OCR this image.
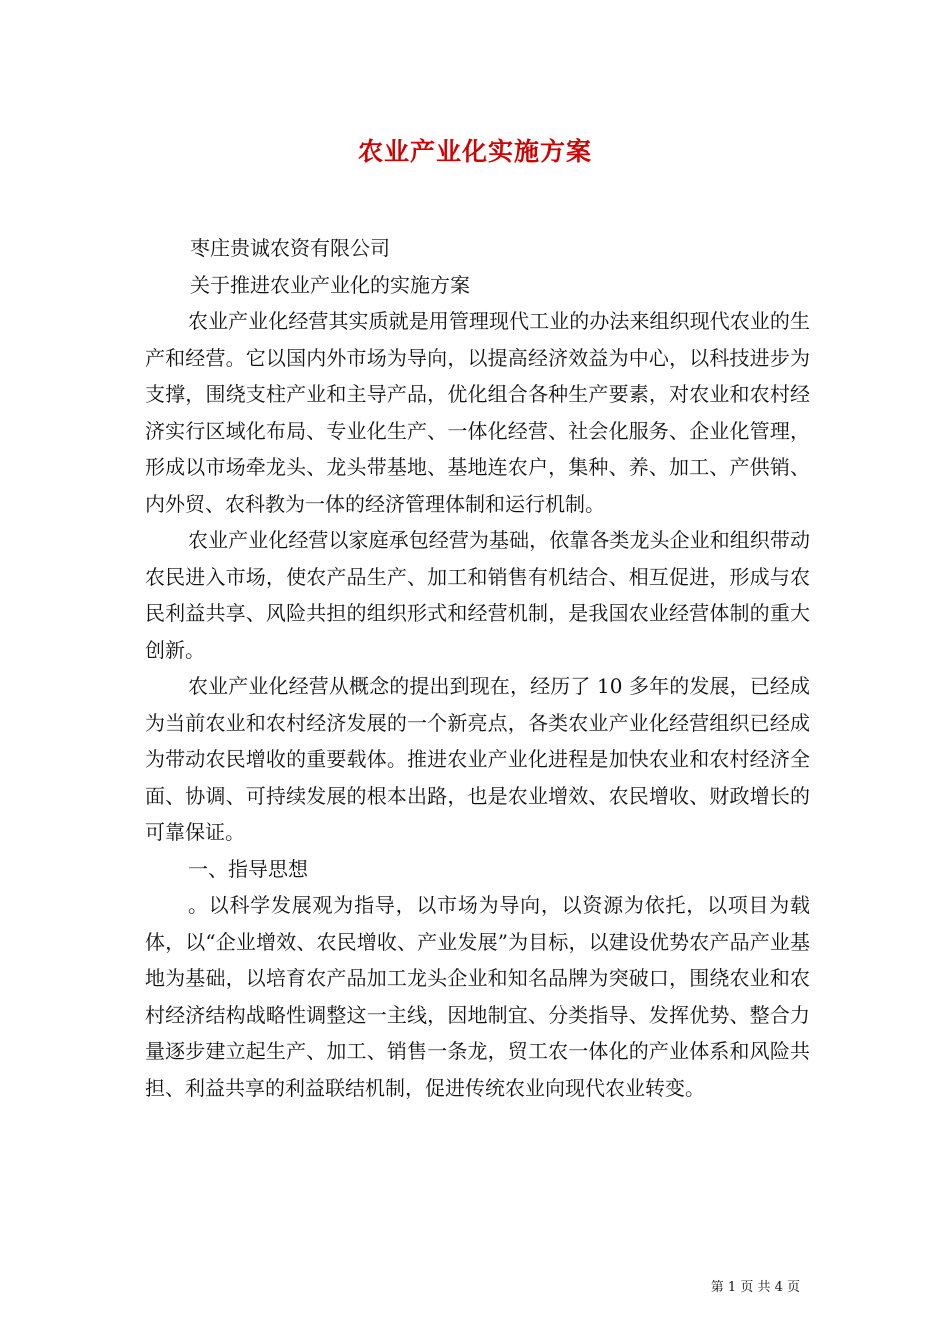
农业产业化实施方案

枣庄贵诚农资有限公司

关于推进农业产业化的实施方案

农业产业化经营其实质就是用管理现代工业的办法来组织现代农业的生产和经营。它以国内外市场为导向，以提高经济效益为中心，以科技进步为支撑，围绕支柱产业和主导产品，优化组合各种生产要素，对农业和农村经济实行区域化布局、专业化生产、一体化经营、社会化服务、企业化管理，形成以市场牵龙头、龙头带基地、基地连农户，集种、养、加工、产供销、内外贸、农科教为一体的经济管理体制和运行机制。

农业产业化经营以家庭承包经营为基础，依靠各类龙头企业和组织带动农民进入市场，使农产品生产、加工和销售有机结合、相互促进，形成与农民利益共享、风险共担的组织形式和经营机制，是我国农业经营体制的重大创新。

农业产业化经营从概念的提出到现在，经历了 10 多年的发展，已经成为当前农业和农村经济发展的一个新亮点，各类农业产业化经营组织已经成为带动农民增收的重要载体。推进农业产业化进程是加快农业和农村经济全面、协调、可持续发展的根本出路，也是农业增效、农民增收、财政增长的可靠保证。

一、指导思想

。以科学发展观为指导，以市场为导向，以资源为依托，以项目为载体，以“企业增效、农民增收、产业发展”为目标，以建设优势农产品产业基地为基础，以培育农产品加工龙头企业和知名品牌为突破口，围绕农业和农村经济结构战略性调整这一主线，因地制宜、分类指导、发挥优势、整合力量逐步建立起生产、加工、销售一条龙，贸工农一体化的产业体系和风险共担、利益共享的利益联结机制，促进传统农业向现代农业转变。

第 1 页 共 4 页
